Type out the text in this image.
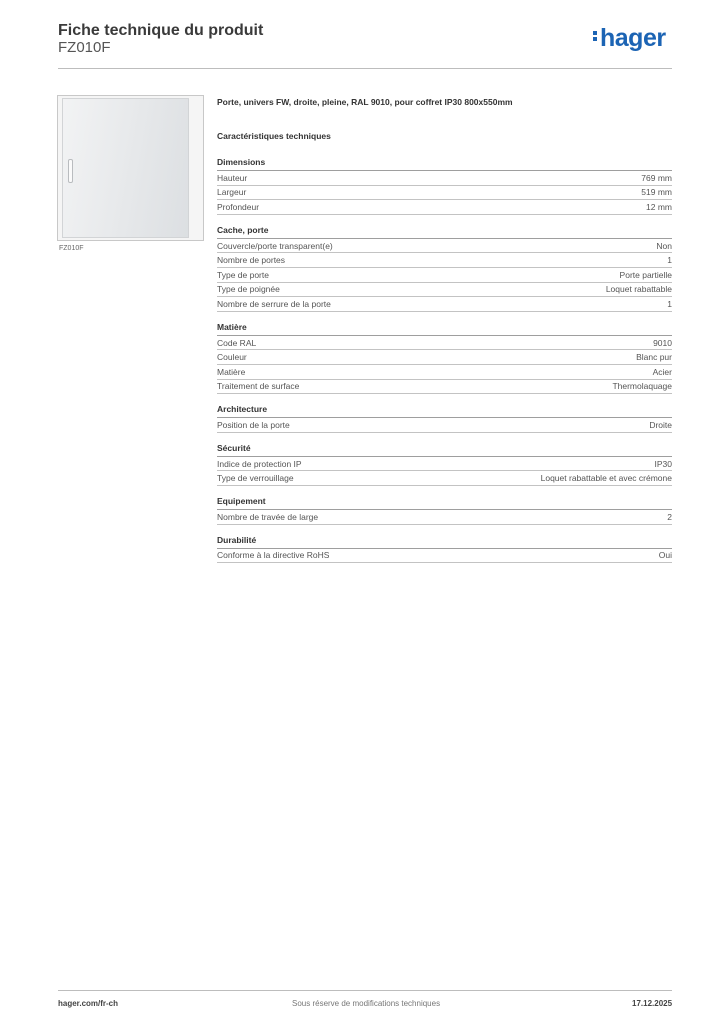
Fiche technique du produit
FZ010F	hager
FZ010F
Porte, univers FW, droite, pleine, RAL 9010, pour coffret IP30 800x550mm
Caractéristiques techniques
Dimensions
Hauteur	769 mm
Largeur	519 mm
Profondeur	12 mm
Cache, porte
Couvercle/porte transparent(e)	Non
Nombre de portes	1
Type de porte	Porte partielle
Type de poignée	Loquet rabattable
Nombre de serrure de la porte	1
Matière
Code RAL	9010
Couleur	Blanc pur
Matière	Acier
Traitement de surface	Thermolaquage
Architecture
Position de la porte	Droite
Sécurité
Indice de protection IP	IP30
Type de verrouillage	Loquet rabattable et avec crémone
Equipement
Nombre de travée de large	2
Durabilité
Conforme à la directive RoHS	Oui
hager.com/fr-ch	Sous réserve de modifications techniques	17.12.2025
